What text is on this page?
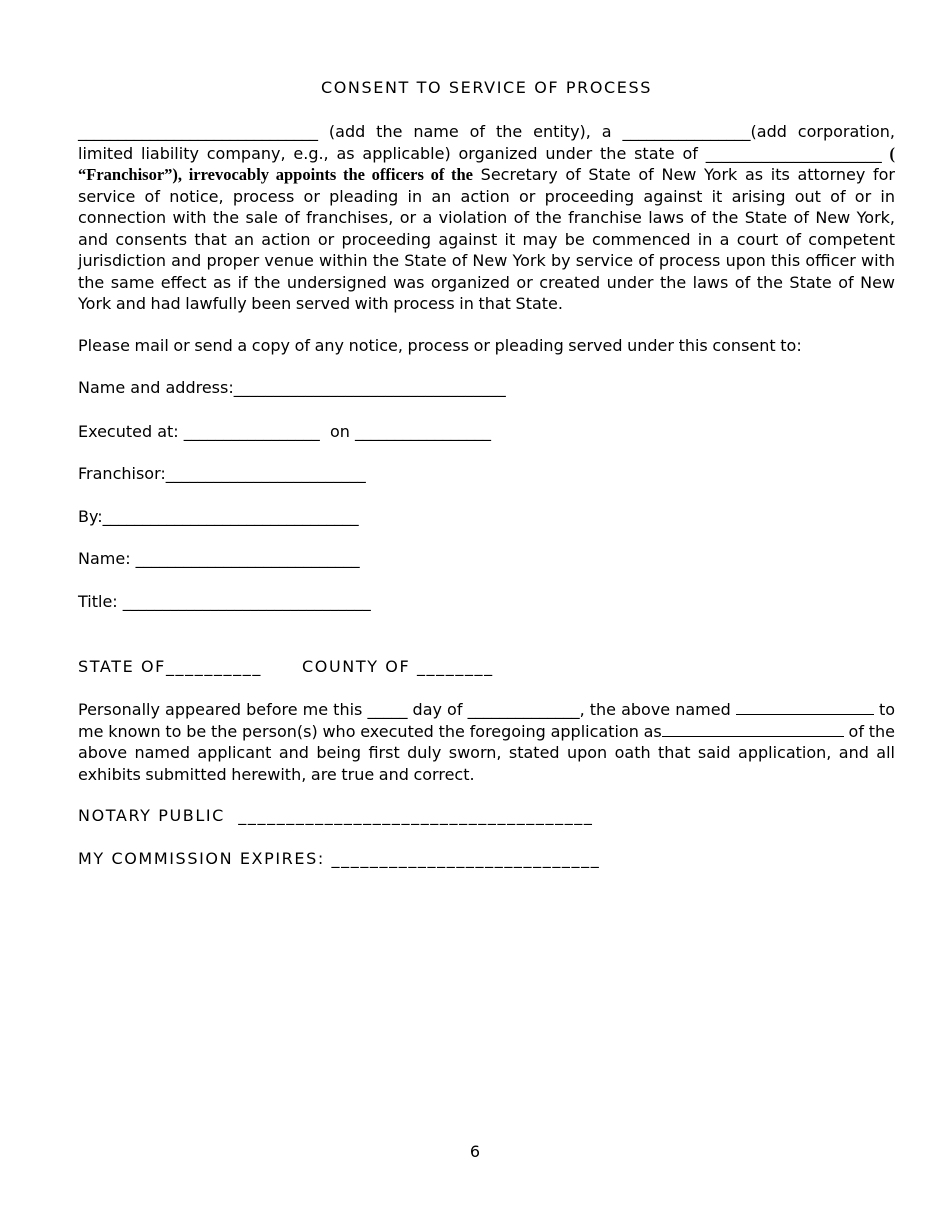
CONSENT TO SERVICE OF PROCESS
______________________________ (add the name of the entity), a ________________(add corporation, limited liability company, e.g., as applicable) organized under the state of ______________________ ( “Franchisor”), irrevocably appoints the officers of the Secretary of State of New York as its attorney for service of notice, process or pleading in an action or proceeding against it arising out of or in connection with the sale of franchises, or a violation of the franchise laws of the State of New York, and consents that an action or proceeding against it may be commenced in a court of competent jurisdiction and proper venue within the State of New York by service of process upon this officer with the same effect as if the undersigned was organized or created under the laws of the State of New York and had lawfully been served with process in that State.
Please mail or send a copy of any notice, process or pleading served under this consent to:
Name and address:__________________________________
Executed at: _________________  on _________________
Franchisor:_________________________
By:________________________________
Name: ____________________________
Title: _______________________________
STATE OF__________	COUNTY OF ________
Personally appeared before me this _____ day of ______________, the above named	to me known to be the person(s) who executed the foregoing application as	of the above named applicant and being first duly sworn, stated upon oath that said application, and all exhibits submitted herewith, are true and correct.
NOTARY PUBLIC  _____________________________________
MY COMMISSION EXPIRES: ____________________________
6
